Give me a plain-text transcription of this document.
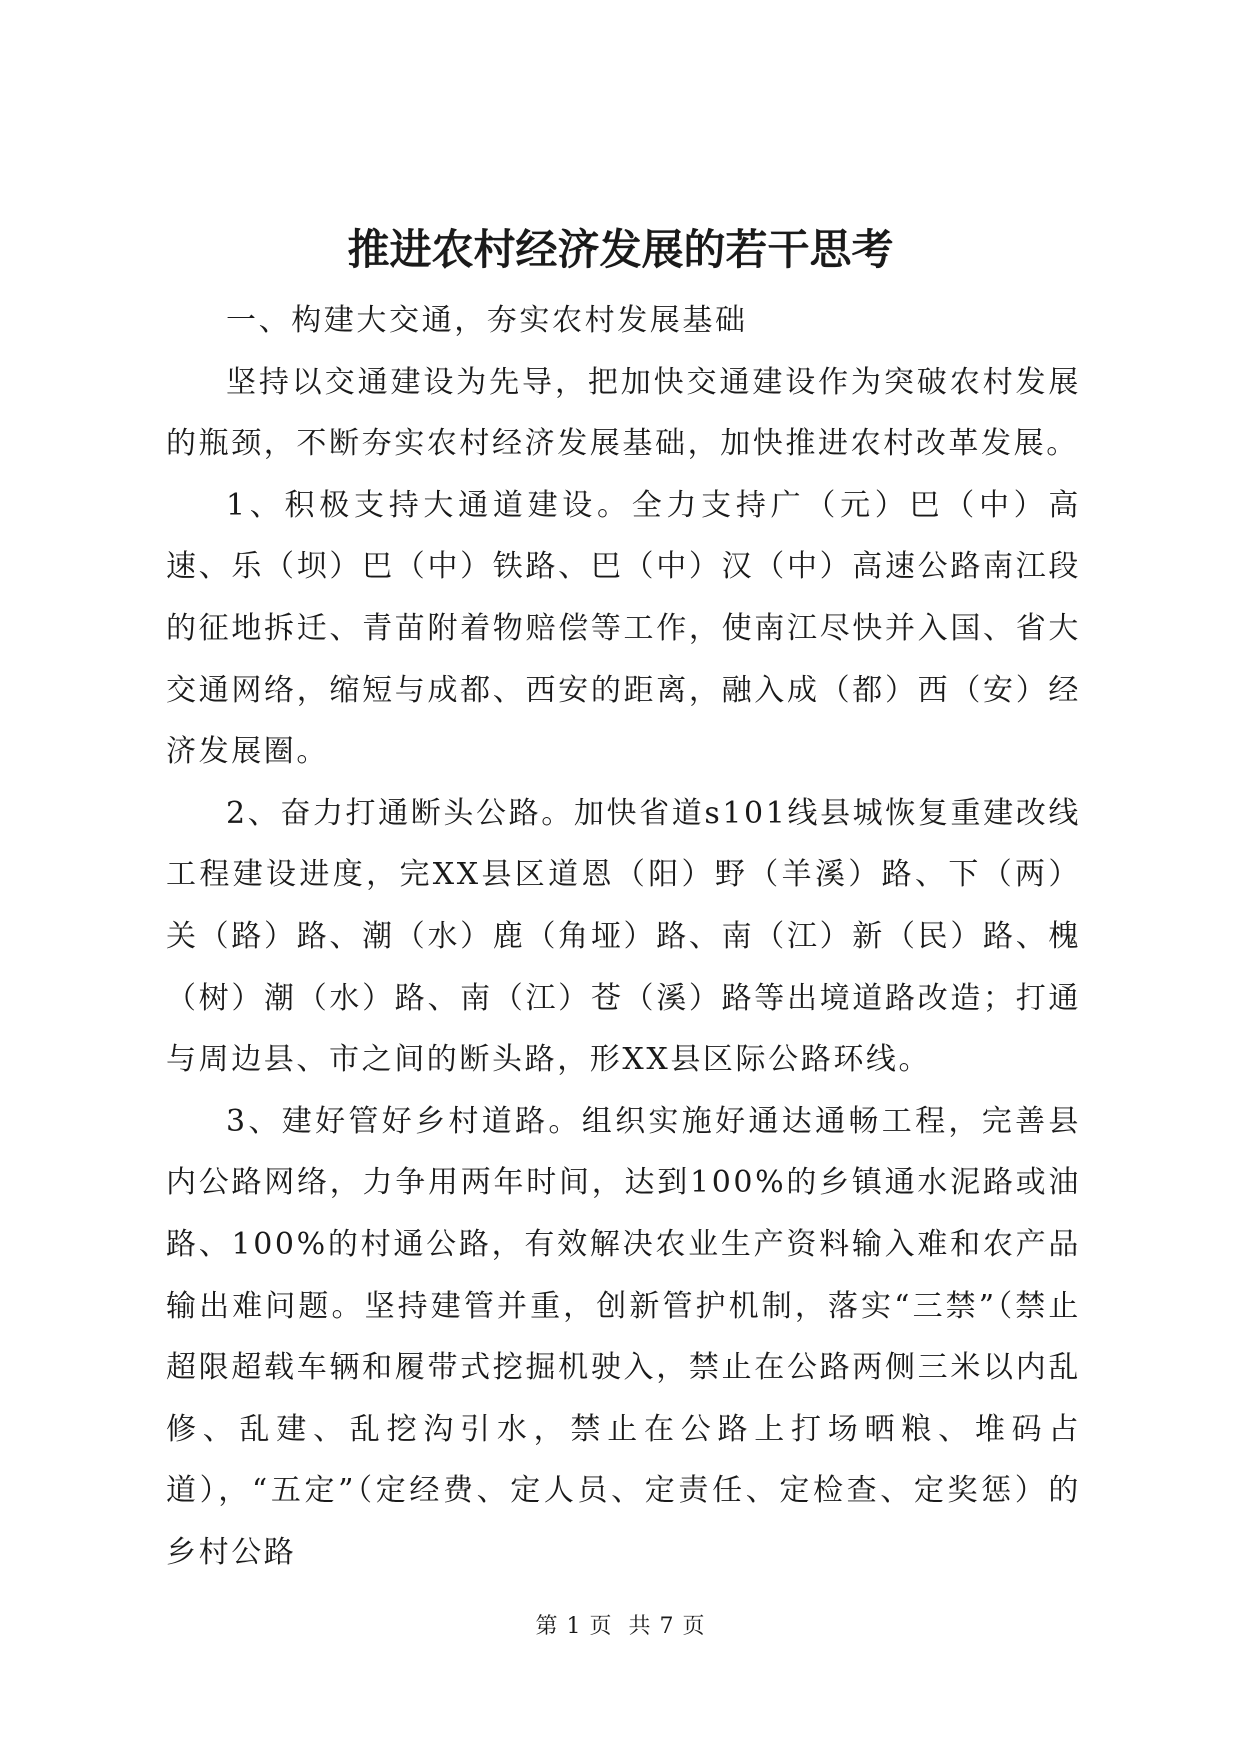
推进农村经济发展的若干思考

一、构建大交通，夯实农村发展基础

坚持以交通建设为先导，把加快交通建设作为突破农村发展的瓶颈，不断夯实农村经济发展基础，加快推进农村改革发展。

1、积极支持大通道建设。全力支持广（元）巴（中）高速、乐（坝）巴（中）铁路、巴（中）汉（中）高速公路南江段的征地拆迁、青苗附着物赔偿等工作，使南江尽快并入国、省大交通网络，缩短与成都、西安的距离，融入成（都）西（安）经济发展圈。

2、奋力打通断头公路。加快省道s101线县城恢复重建改线工程建设进度，完XX县区道恩（阳）野（羊溪）路、下（两）关（路）路、潮（水）鹿（角垭）路、南（江）新（民）路、槐（树）潮（水）路、南（江）苍（溪）路等出境道路改造；打通与周边县、市之间的断头路，形XX县区际公路环线。

3、建好管好乡村道路。组织实施好通达通畅工程，完善县内公路网络，力争用两年时间，达到100%的乡镇通水泥路或油路、100%的村通公路，有效解决农业生产资料输入难和农产品输出难问题。坚持建管并重，创新管护机制，落实“三禁”（禁止超限超载车辆和履带式挖掘机驶入，禁止在公路两侧三米以内乱修、乱建、乱挖沟引水，禁止在公路上打场晒粮、堆码占道），“五定”（定经费、定人员、定责任、定检查、定奖惩）的乡村公路

第 1 页 共 7 页
